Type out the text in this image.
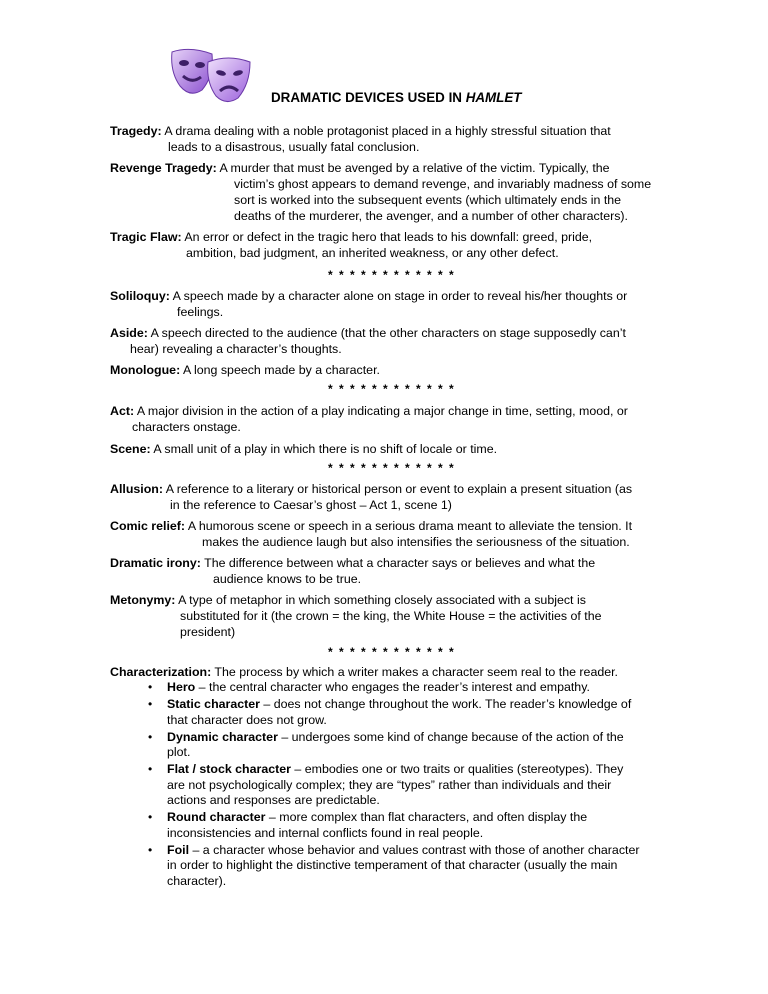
DRAMATIC DEVICES USED IN HAMLET
Tragedy: A drama dealing with a noble protagonist placed in a highly stressful situation that
leads to a disastrous, usually fatal conclusion.
Revenge Tragedy: A murder that must be avenged by a relative of the victim. Typically, the
victim’s ghost appears to demand revenge, and invariably madness of some
sort is worked into the subsequent events (which ultimately ends in the
deaths of the murderer, the avenger, and a number of other characters).
Tragic Flaw: An error or defect in the tragic hero that leads to his downfall: greed, pride,
ambition, bad judgment, an inherited weakness, or any other defect.
* * * * * * * * * * * *
Soliloquy: A speech made by a character alone on stage in order to reveal his/her thoughts or
feelings.
Aside: A speech directed to the audience (that the other characters on stage supposedly can’t
hear) revealing a character’s thoughts.
Monologue: A long speech made by a character.
* * * * * * * * * * * *
Act: A major division in the action of a play indicating a major change in time, setting, mood, or
characters onstage.
Scene: A small unit of a play in which there is no shift of locale or time.
* * * * * * * * * * * *
Allusion: A reference to a literary or historical person or event to explain a present situation (as
in the reference to Caesar’s ghost – Act 1, scene 1)
Comic relief: A humorous scene or speech in a serious drama meant to alleviate the tension. It
makes the audience laugh but also intensifies the seriousness of the situation.
Dramatic irony: The difference between what a character says or believes and what the
audience knows to be true.
Metonymy: A type of metaphor in which something closely associated with a subject is
substituted for it (the crown = the king, the White House = the activities of the
president)
* * * * * * * * * * * *
Characterization: The process by which a writer makes a character seem real to the reader.
• Hero – the central character who engages the reader’s interest and empathy.
• Static character – does not change throughout the work. The reader’s knowledge of
that character does not grow.
• Dynamic character – undergoes some kind of change because of the action of the
plot.
• Flat / stock character – embodies one or two traits or qualities (stereotypes). They
are not psychologically complex; they are “types” rather than individuals and their
actions and responses are predictable.
• Round character – more complex than flat characters, and often display the
inconsistencies and internal conflicts found in real people.
• Foil – a character whose behavior and values contrast with those of another character
in order to highlight the distinctive temperament of that character (usually the main
character).
